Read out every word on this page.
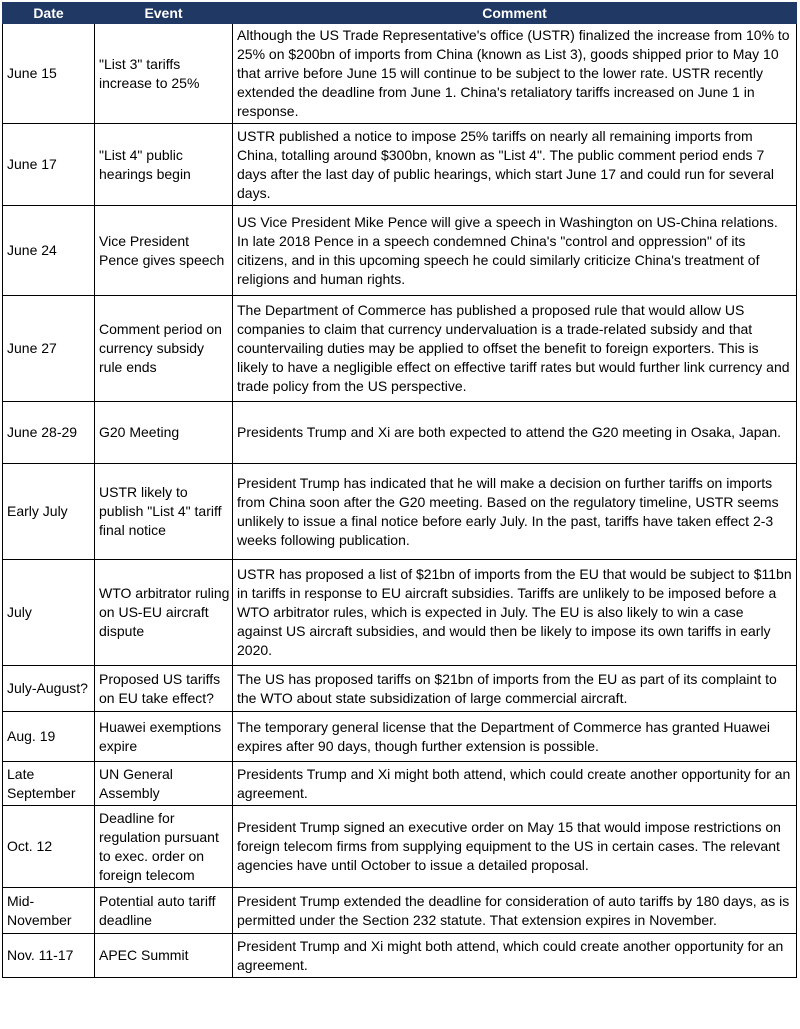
Date	Event	Comment
June 15	"List 3" tariffs increase to 25%	Although the US Trade Representative's office (USTR) finalized the increase from 10% to 25% on $200bn of imports from China (known as List 3), goods shipped prior to May 10 that arrive before June 15 will continue to be subject to the lower rate. USTR recently extended the deadline from June 1. China's retaliatory tariffs increased on June 1 in response.
June 17	"List 4" public hearings begin	USTR published a notice to impose 25% tariffs on nearly all remaining imports from China, totalling around $300bn, known as "List 4". The public comment period ends 7 days after the last day of public hearings, which start June 17 and could run for several days.
June 24	Vice President Pence gives speech	US Vice President Mike Pence will give a speech in Washington on US-China relations. In late 2018 Pence in a speech condemned China's "control and oppression" of its citizens, and in this upcoming speech he could similarly criticize China's treatment of religions and human rights.
June 27	Comment period on currency subsidy rule ends	The Department of Commerce has published a proposed rule that would allow US companies to claim that currency undervaluation is a trade-related subsidy and that countervailing duties may be applied to offset the benefit to foreign exporters. This is likely to have a negligible effect on effective tariff rates but would further link currency and trade policy from the US perspective.
June 28-29	G20 Meeting	Presidents Trump and Xi are both expected to attend the G20 meeting in Osaka, Japan.
Early July	USTR likely to publish "List 4" tariff final notice	President Trump has indicated that he will make a decision on further tariffs on imports from China soon after the G20 meeting. Based on the regulatory timeline, USTR seems unlikely to issue a final notice before early July. In the past, tariffs have taken effect 2-3 weeks following publication.
July	WTO arbitrator ruling on US-EU aircraft dispute	USTR has proposed a list of $21bn of imports from the EU that would be subject to $11bn in tariffs in response to EU aircraft subsidies. Tariffs are unlikely to be imposed before a WTO arbitrator rules, which is expected in July. The EU is also likely to win a case against US aircraft subsidies, and would then be likely to impose its own tariffs in early 2020.
July-August?	Proposed US tariffs on EU take effect?	The US has proposed tariffs on $21bn of imports from the EU as part of its complaint to the WTO about state subsidization of large commercial aircraft.
Aug. 19	Huawei exemptions expire	The temporary general license that the Department of Commerce has granted Huawei expires after 90 days, though further extension is possible.
Late September	UN General Assembly	Presidents Trump and Xi might both attend, which could create another opportunity for an agreement.
Oct. 12	Deadline for regulation pursuant to exec. order on foreign telecom	President Trump signed an executive order on May 15 that would impose restrictions on foreign telecom firms from supplying equipment to the US in certain cases. The relevant agencies have until October to issue a detailed proposal.
Mid-November	Potential auto tariff deadline	President Trump extended the deadline for consideration of auto tariffs by 180 days, as is permitted under the Section 232 statute. That extension expires in November.
Nov. 11-17	APEC Summit	President Trump and Xi might both attend, which could create another opportunity for an agreement.
